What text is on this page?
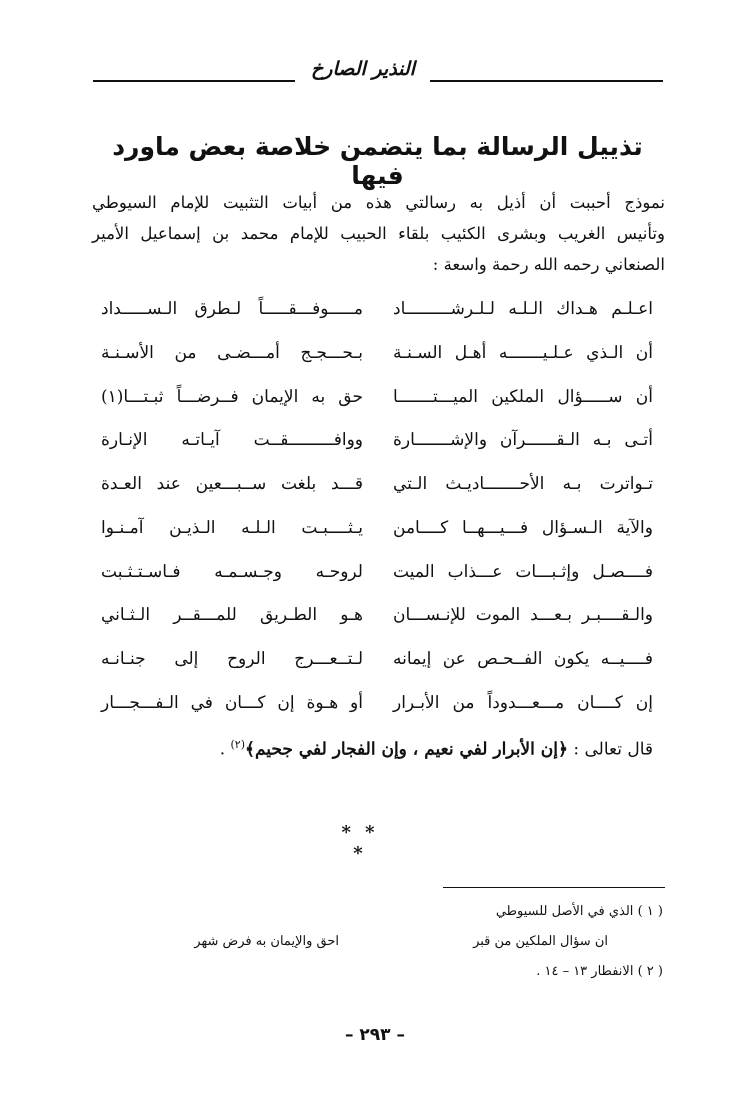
النذير الصارخ
تذييل الرسالة بما يتضمن خلاصة بعض ماورد فيها
نموذج أحببت أن أذيل به رسالتي هذه من أبيات التثبيت للإمام السيوطي
وتأنيس الغريب وبشرى الكئيب بلقاء الحبيب للإمام محمد بن إسماعيل الأمير
الصنعاني رحمه الله رحمة واسعة :
اعـلـم هـداك الـلـه لـلـرشـــــــــاد
مـــــوفـــقـــــاً لـطرق الـســـــداد
أن الـذي عـلـيـــــــه أهـل السـنـة
بـحـــجـج أمـــضـى من الأسـنـة
أن ســـــؤال الملكين الميـــتـــــــا
حق به الإيمان فــرضـــاً ثبـتـــا(١)
أتـى بـه الـقــــــرآن والإشـــــــارة
ووافـــــــــقــت آيـاتـه الإنـارة
تـواترت بـه الأحـــــــاديـث الـتي
قـــد بلغت ســبـــعين عند العـدة
والآية الـسـؤال فـــيـــهــا كــــامن
يـثــــبـت الـلـه الـذيـن آمـنـوا
فــــصـل وإثـبـــات عـــذاب الميت
لروحـه وجـسـمـه فـاسـتـثـبت
والـقــــبـر بـعـــد الموت للإنـســـان
هـو الطـريق للمـــقــر الـثـاني
فــــيــه يكون الفــحـص عن إيمانه
لـتــعـــرج الروح إلى جنـانـه
إن كــــان مـــعـــدوداً من الأبـرار
أو هـوة إن كـــان في الـفـــجـــار
قال تعالى : ﴿إن الأبرار لفي نعيم ، وإن الفجار لفي جحيم﴾$^{(٢)}$ .
* * *
( ١ ) الذي في الأصل للسيوطي
ان سؤال الملكين من قبر
احق والإيمان به فرض شهر
( ٢ ) الانفطار ١٣ – ١٤ .
– ٢٩٣ –
